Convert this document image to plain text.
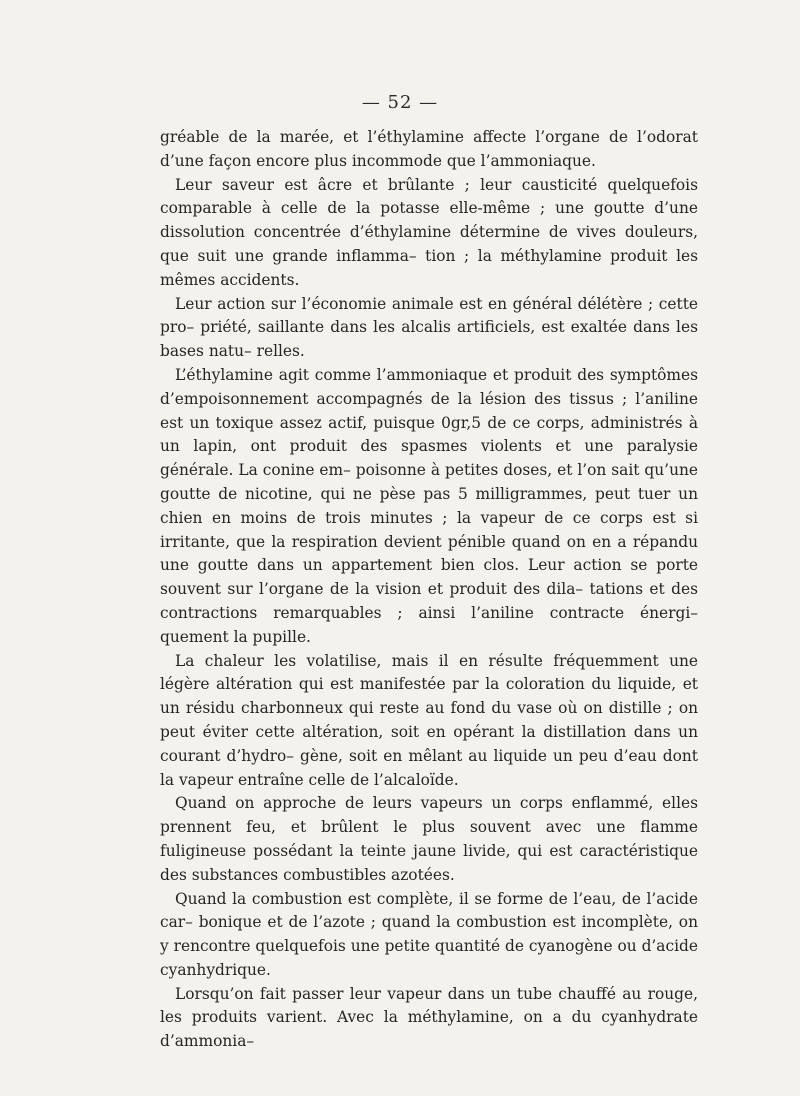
— 52 —

gréable de la marée, et l’éthylamine affecte l’organe de l’odorat d’une façon encore plus incommode que l’ammoniaque.

Leur saveur est âcre et brûlante ; leur causticité quelquefois comparable à celle de la potasse elle-même ; une goutte d’une dissolution concentrée d’éthylamine détermine de vives douleurs, que suit une grande inflamma– tion ; la méthylamine produit les mêmes accidents.

Leur action sur l’économie animale est en général délétère ; cette pro– priété, saillante dans les alcalis artificiels, est exaltée dans les bases natu– relles.

L’éthylamine agit comme l’ammoniaque et produit des symptômes d’empoisonnement accompagnés de la lésion des tissus ; l’aniline est un toxique assez actif, puisque 0gr,5 de ce corps, administrés à un lapin, ont produit des spasmes violents et une paralysie générale. La conine em– poisonne à petites doses, et l’on sait qu’une goutte de nicotine, qui ne pèse pas 5 milligrammes, peut tuer un chien en moins de trois minutes ; la vapeur de ce corps est si irritante, que la respiration devient pénible quand on en a répandu une goutte dans un appartement bien clos. Leur action se porte souvent sur l’organe de la vision et produit des dila– tations et des contractions remarquables ; ainsi l’aniline contracte énergi– quement la pupille.

La chaleur les volatilise, mais il en résulte fréquemment une légère altération qui est manifestée par la coloration du liquide, et un résidu charbonneux qui reste au fond du vase où on distille ; on peut éviter cette altération, soit en opérant la distillation dans un courant d’hydro– gène, soit en mêlant au liquide un peu d’eau dont la vapeur entraîne celle de l’alcaloïde.

Quand on approche de leurs vapeurs un corps enflammé, elles prennent feu, et brûlent le plus souvent avec une flamme fuligineuse possédant la teinte jaune livide, qui est caractéristique des substances combustibles azotées.

Quand la combustion est complète, il se forme de l’eau, de l’acide car– bonique et de l’azote ; quand la combustion est incomplète, on y rencontre quelquefois une petite quantité de cyanogène ou d’acide cyanhydrique.

Lorsqu’on fait passer leur vapeur dans un tube chauffé au rouge, les produits varient. Avec la méthylamine, on a du cyanhydrate d’ammonia–
